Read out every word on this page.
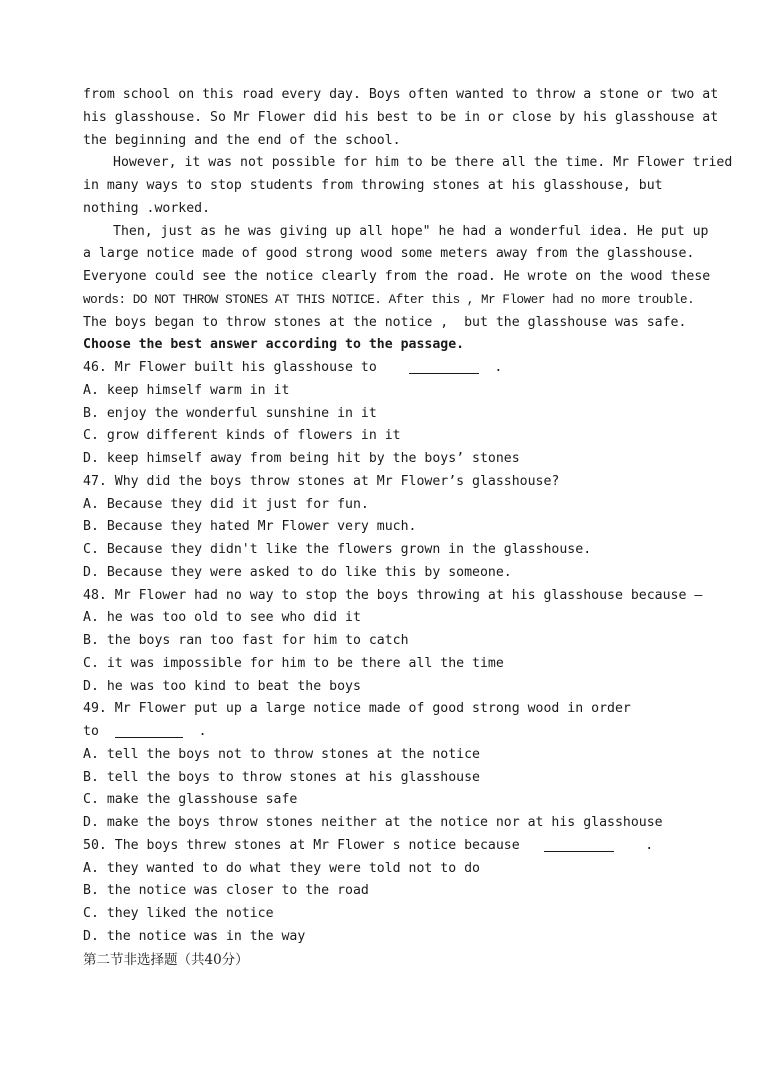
from school on this road every day. Boys often wanted to throw a stone or two at
his glasshouse. So Mr Flower did his best to be in or close by his glasshouse at
the beginning and the end of the school.
However, it was not possible for him to be there all the time. Mr Flower tried
in many ways to stop students from throwing stones at his glasshouse, but
nothing .worked.
Then, just as he was giving up all hope" he had a wonderful idea. He put up
a large notice made of good strong wood some meters away from the glasshouse.
Everyone could see the notice clearly from the road. He wrote on the wood these
words: DO NOT THROW STONES AT THIS NOTICE. After this , Mr Flower had no more trouble.
The boys began to throw stones at the notice ,  but the glasshouse was safe.
Choose the best answer according to the passage.
46. Mr Flower built his glasshouse to	.
A. keep himself warm in it
B. enjoy the wonderful sunshine in it
C. grow different kinds of flowers in it
D. keep himself away from being hit by the boys’ stones
47. Why did the boys throw stones at Mr Flower’s glasshouse?
A. Because they did it just for fun.
B. Because they hated Mr Flower very much.
C. Because they didn't like the flowers grown in the glasshouse.
D. Because they were asked to do like this by someone.
48. Mr Flower had no way to stop the boys throwing at his glasshouse because –
A. he was too old to see who did it
B. the boys ran too fast for him to catch
C. it was impossible for him to be there all the time
D. he was too kind to beat the boys
49. Mr Flower put up a large notice made of good strong wood in order
to	.
A. tell the boys not to throw stones at the notice
B. tell the boys to throw stones at his glasshouse
C. make the glasshouse safe
D. make the boys throw stones neither at the notice nor at his glasshouse
50. The boys threw stones at Mr Flower s notice because	.
A. they wanted to do what they were told not to do
B. the notice was closer to the road
C. they liked the notice
D. the notice was in the way
第二节非选择题（共40分）
